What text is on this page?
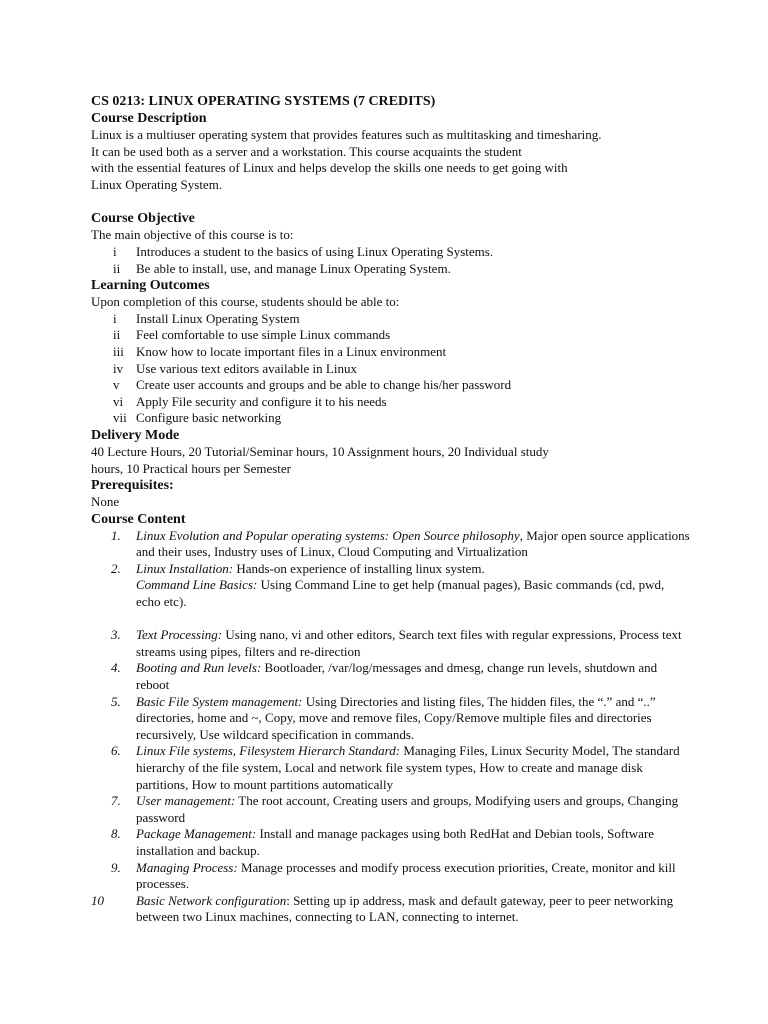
CS 0213: LINUX OPERATING SYSTEMS (7 CREDITS)
Course Description

Linux is a multiuser operating system that provides features such as multitasking and timesharing.
It can be used both as a server and a workstation. This course acquaints the student
with the essential features of Linux and helps develop the skills one needs to get going with
Linux Operating System.

Course Objective

The main objective of this course is to:

i Introduces a student to the basics of using Linux Operating Systems.
ii Be able to install, use, and manage Linux Operating System.
Learning Outcomes

Upon completion of this course, students should be able to:

i Install Linux Operating System
ii Feel comfortable to use simple Linux commands
iii Know how to locate important files in a Linux environment
iv Use various text editors available in Linux
v Create user accounts and groups and be able to change his/her password
vi Apply File security and configure it to his needs
vii Configure basic networking
Delivery Mode

40 Lecture Hours, 20 Tutorial/Seminar hours, 10 Assignment hours, 20 Individual study
hours, 10 Practical hours per Semester

Prerequisites:

None

Course Content
1. Linux Evolution and Popular operating systems: Open Source philosophy, Major open source applications and their uses, Industry uses of Linux, Cloud Computing and Virtualization
2. Linux Installation: Hands-on experience of installing linux system.
Command Line Basics: Using Command Line to get help (manual pages), Basic commands (cd, pwd, echo etc).
3. Text Processing: Using nano, vi and other editors, Search text files with regular expressions, Process text streams using pipes, filters and re-direction
4. Booting and Run levels: Bootloader, /var/log/messages and dmesg, change run levels, shutdown and reboot
5. Basic File System management: Using Directories and listing files, The hidden files, the “.” and “..” directories, home and ~, Copy, move and remove files, Copy/Remove multiple files and directories recursively, Use wildcard specification in commands.
6. Linux File systems, Filesystem Hierarch Standard: Managing Files, Linux Security Model, The standard hierarchy of the file system, Local and network file system types, How to create and manage disk partitions, How to mount partitions automatically
7. User management: The root account, Creating users and groups, Modifying users and groups, Changing password
8. Package Management: Install and manage packages using both RedHat and Debian tools, Software installation and backup.
9. Managing Process: Manage processes and modify process execution priorities, Create, monitor and kill processes.
10 Basic Network configuration: Setting up ip address, mask and default gateway, peer to peer networking between two Linux machines, connecting to LAN, connecting to internet.
